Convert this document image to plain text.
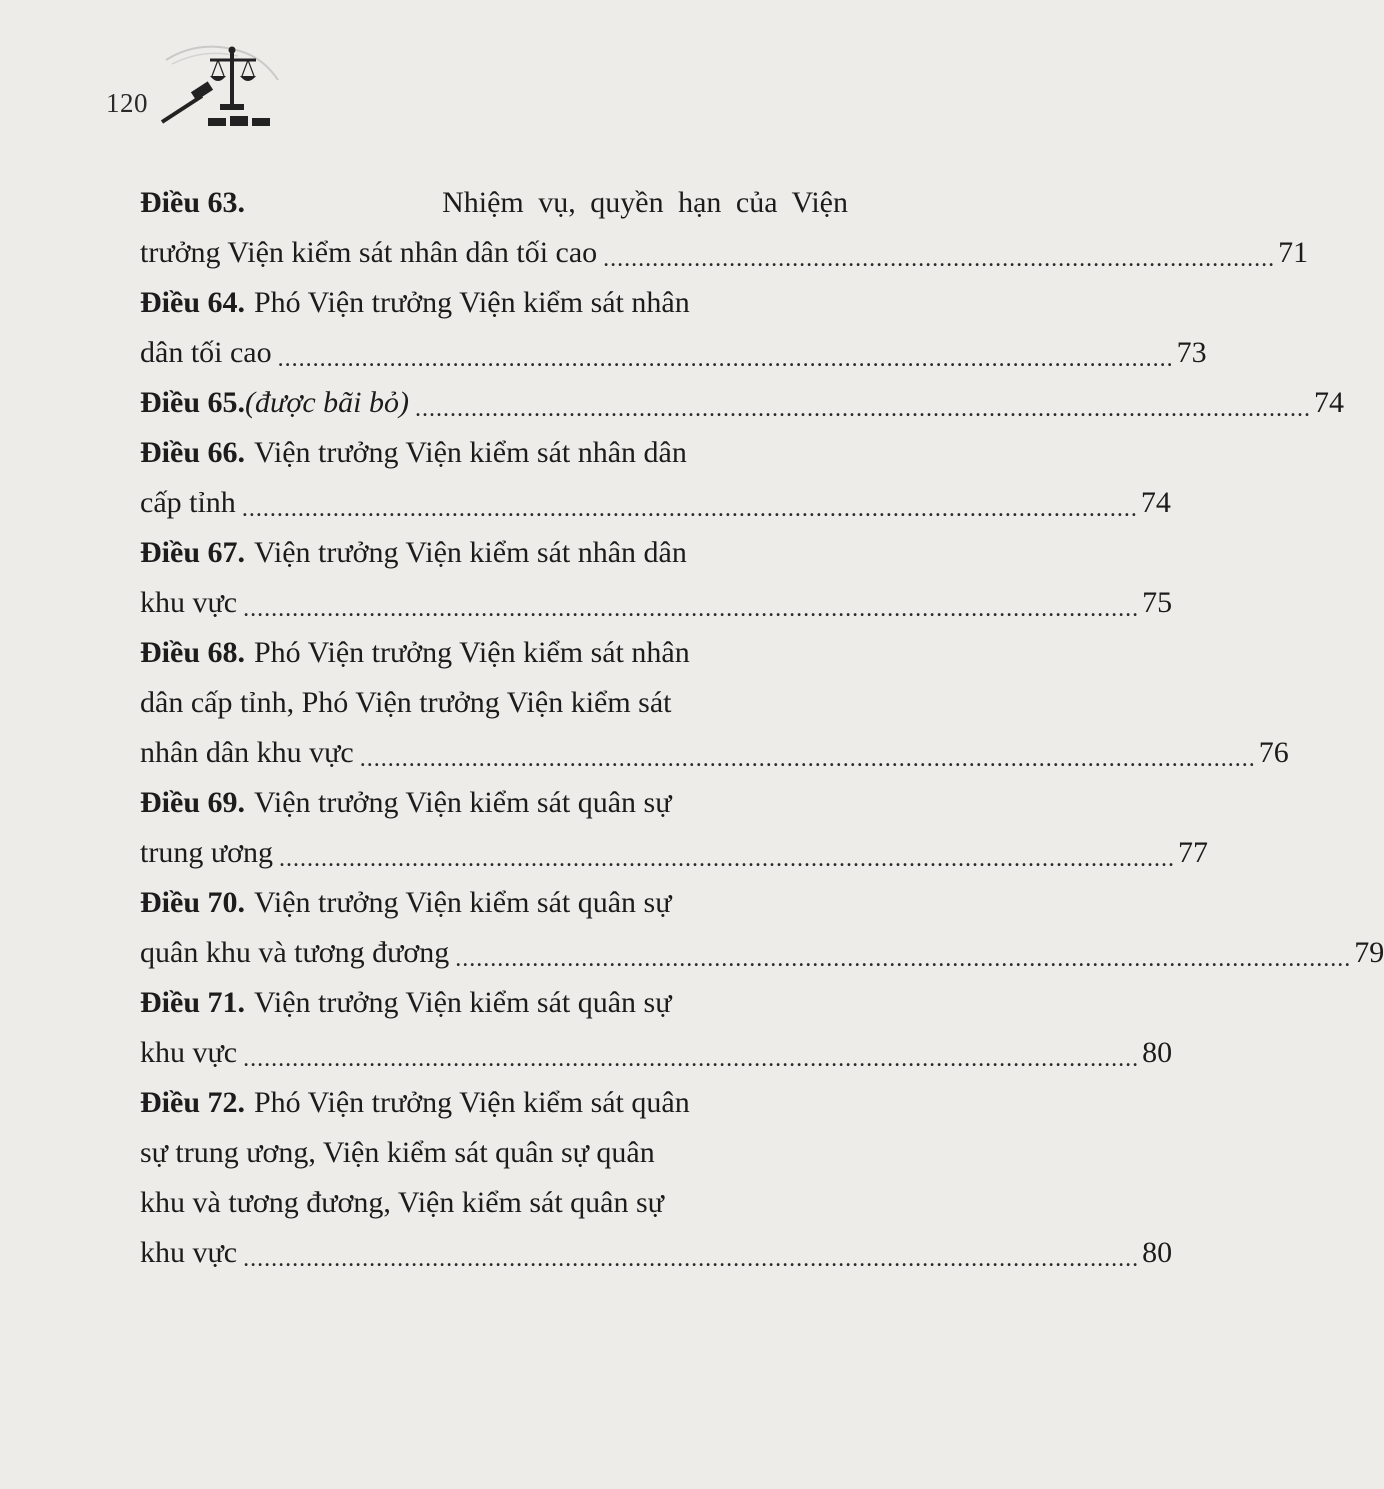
120
Điều 63.	Nhiệm vụ, quyền hạn của Viện
trưởng Viện kiểm sát nhân dân tối cao ................................................................................................ 71
Điều 64. Phó Viện trưởng Viện kiểm sát nhân
dân tối cao ................................................................................................................................ 73
Điều 65. (được bãi bỏ) ................................................................................................................................ 74
Điều 66. Viện trưởng Viện kiểm sát nhân dân
cấp tỉnh ................................................................................................................................ 74
Điều 67. Viện trưởng Viện kiểm sát nhân dân
khu vực ................................................................................................................................ 75
Điều 68. Phó Viện trưởng Viện kiểm sát nhân
dân cấp tỉnh, Phó Viện trưởng Viện kiểm sát
nhân dân khu vực ................................................................................................................................ 76
Điều 69. Viện trưởng Viện kiểm sát quân sự
trung ương ................................................................................................................................ 77
Điều 70. Viện trưởng Viện kiểm sát quân sự
quân khu và tương đương ................................................................................................................................ 79
Điều 71. Viện trưởng Viện kiểm sát quân sự
khu vực ................................................................................................................................ 80
Điều 72. Phó Viện trưởng Viện kiểm sát quân
sự trung ương, Viện kiểm sát quân sự quân
khu và tương đương, Viện kiểm sát quân sự
khu vực ................................................................................................................................ 80
